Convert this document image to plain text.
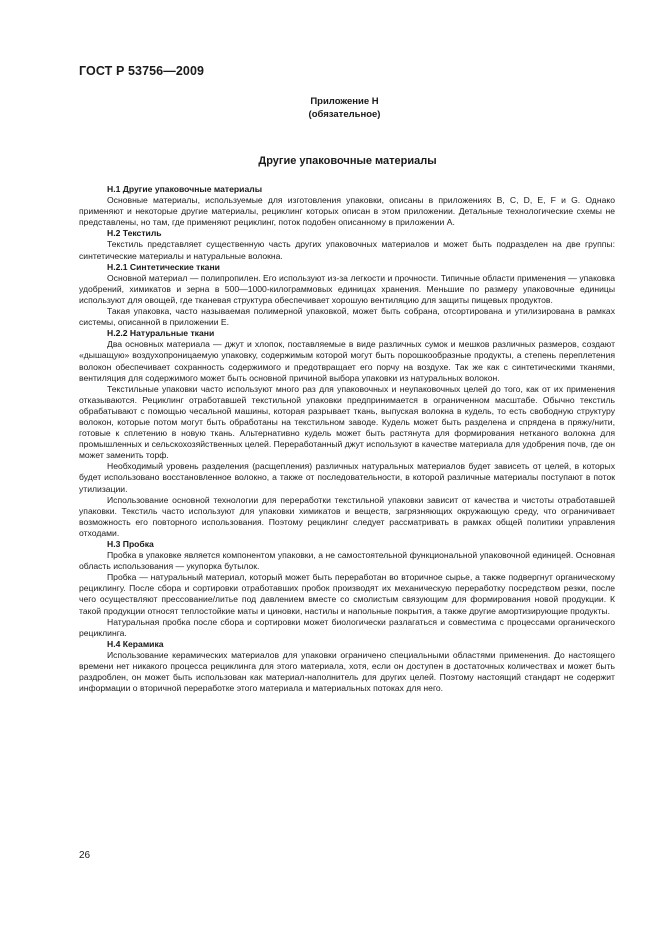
ГОСТ Р 53756—2009
Приложение Н
(обязательное)
Другие упаковочные материалы

Н.1 Другие упаковочные материалы

Основные материалы, используемые для изготовления упаковки, описаны в приложениях В, С, D, Е, F и G. Однако применяют и некоторые другие материалы, рециклинг которых описан в этом приложении. Детальные технологические схемы не представлены, но там, где применяют рециклинг, поток подобен описанному в приложении А.

Н.2 Текстиль

Текстиль представляет существенную часть других упаковочных материалов и может быть подразделен на две группы: синтетические материалы и натуральные волокна.

Н.2.1 Синтетические ткани

Основной материал — полипропилен. Его используют из-за легкости и прочности. Типичные области применения — упаковка удобрений, химикатов и зерна в 500—1000-килограммовых единицах хранения. Меньшие по размеру упаковочные единицы используют для овощей, где тканевая структура обеспечивает хорошую вентиляцию для защиты пищевых продуктов.

Такая упаковка, часто называемая полимерной упаковкой, может быть собрана, отсортирована и утилизирована в рамках системы, описанной в приложении Е.

Н.2.2 Натуральные ткани

Два основных материала — джут и хлопок, поставляемые в виде различных сумок и мешков различных размеров, создают «дышащую» воздухопроницаемую упаковку, содержимым которой могут быть порошкообразные продукты, а степень переплетения волокон обеспечивает сохранность содержимого и предотвращает его порчу на воздухе. Так же как с синтетическими тканями, вентиляция для содержимого может быть основной причиной выбора упаковки из натуральных волокон.

Текстильные упаковки часто используют много раз для упаковочных и неупаковочных целей до того, как от их применения отказываются. Рециклинг отработавшей текстильной упаковки предпринимается в ограниченном масштабе. Обычно текстиль обрабатывают с помощью чесальной машины, которая разрывает ткань, выпуская волокна в кудель, то есть свободную структуру волокон, которые потом могут быть обработаны на текстильном заводе. Кудель может быть разделена и спрядена в пряжу/нити, готовые к сплетению в новую ткань. Альтернативно кудель может быть растянута для формирования нетканого волокна для промышленных и сельскохозяйственных целей. Переработанный джут используют в качестве материала для удобрения почв, где он может заменить торф.

Необходимый уровень разделения (расщепления) различных натуральных материалов будет зависеть от целей, в которых будет использовано восстановленное волокно, а также от последовательности, в которой различные материалы поступают в поток утилизации.

Использование основной технологии для переработки текстильной упаковки зависит от качества и чистоты отработавшей упаковки. Текстиль часто используют для упаковки химикатов и веществ, загрязняющих окружающую среду, что ограничивает возможность его повторного использования. Поэтому рециклинг следует рассматривать в рамках общей политики управления отходами.

Н.3 Пробка

Пробка в упаковке является компонентом упаковки, а не самостоятельной функциональной упаковочной единицей. Основная область использования — укупорка бутылок.

Пробка — натуральный материал, который может быть переработан во вторичное сырье, а также подвергнут органическому рециклингу. После сбора и сортировки отработавших пробок производят их механическую переработку посредством резки, после чего осуществляют прессование/литье под давлением вместе со смолистым связующим для формирования новой продукции. К такой продукции относят теплостойкие маты и циновки, настилы и напольные покрытия, а также другие амортизирующие продукты.

Натуральная пробка после сбора и сортировки может биологически разлагаться и совместима с процессами органического рециклинга.

Н.4 Керамика

Использование керамических материалов для упаковки ограничено специальными областями применения. До настоящего времени нет никакого процесса рециклинга для этого материала, хотя, если он доступен в достаточных количествах и может быть раздроблен, он может быть использован как материал-наполнитель для других целей. Поэтому настоящий стандарт не содержит информации о вторичной переработке этого материала и материальных потоках для него.

26
